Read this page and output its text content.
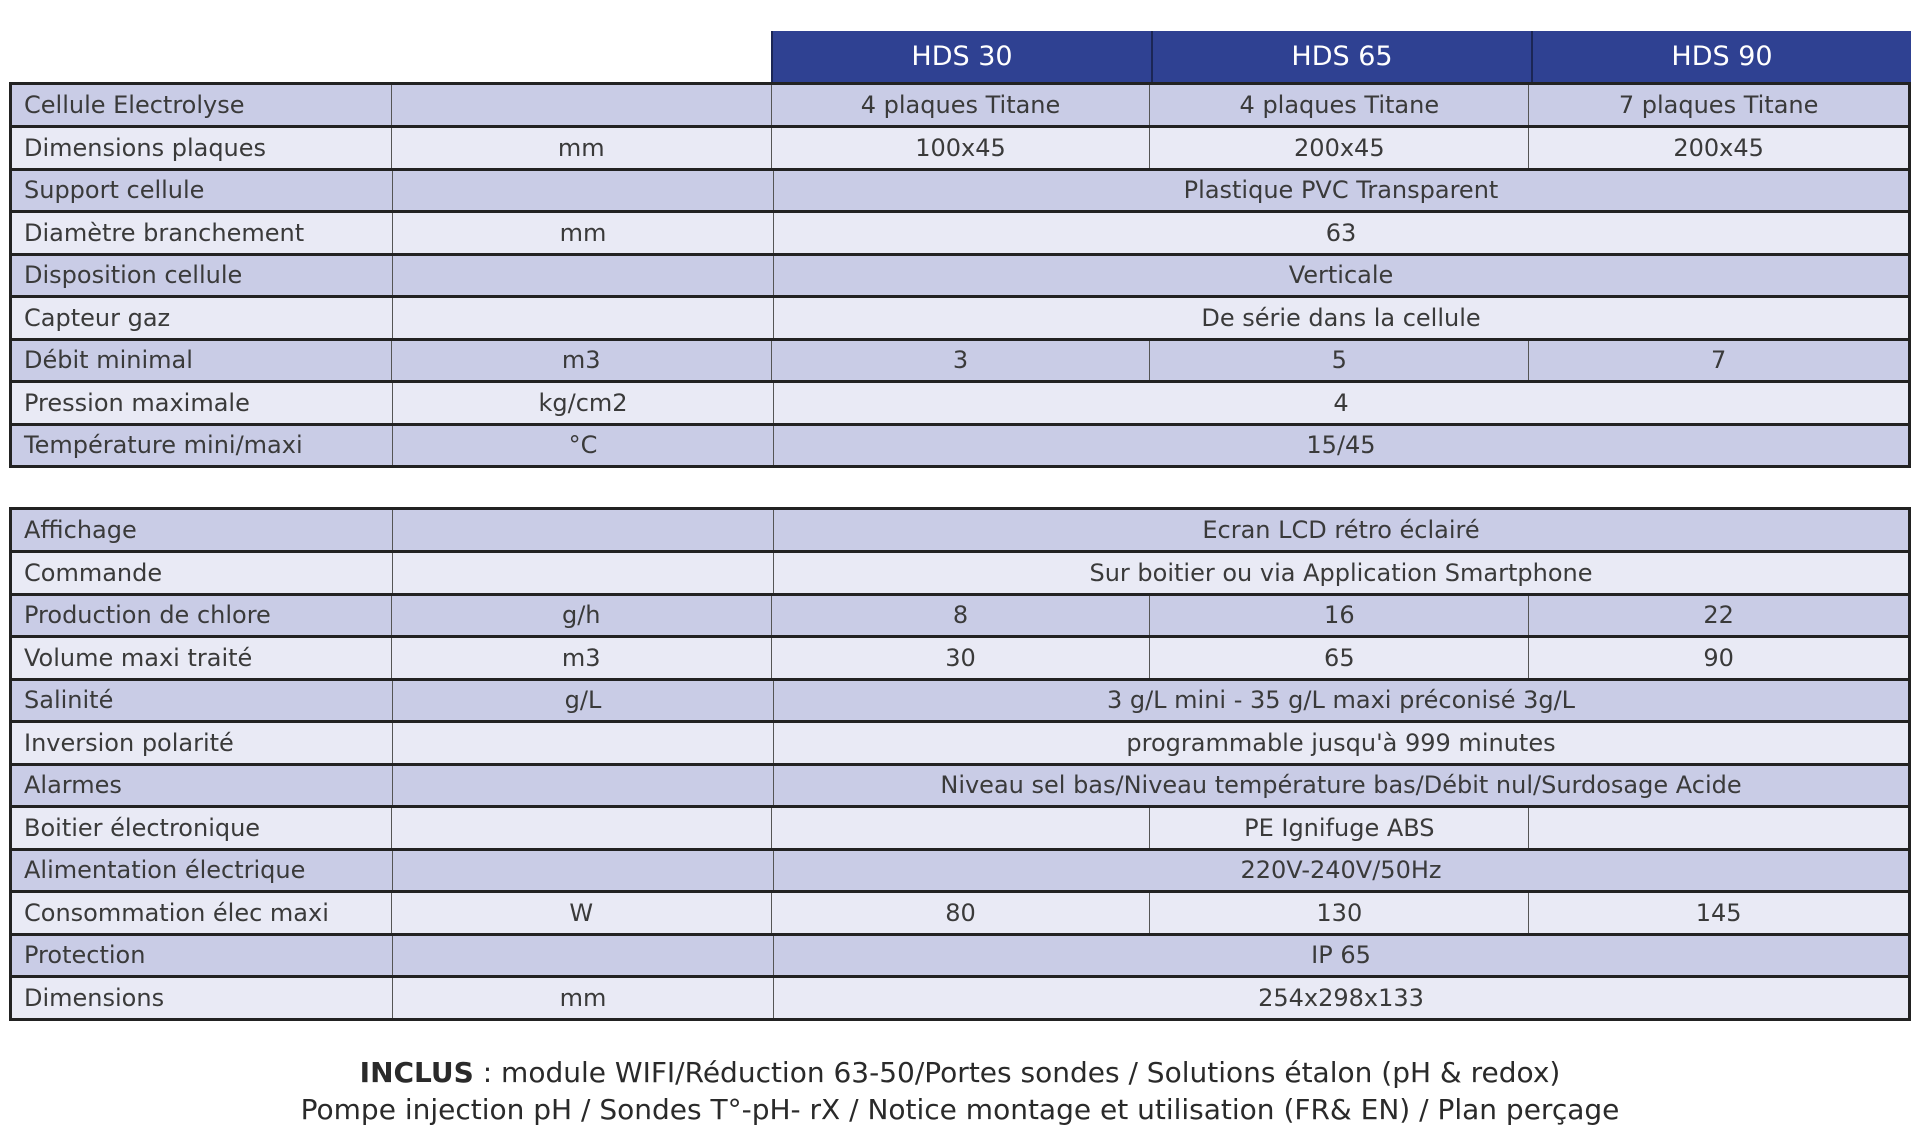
HDS 30	HDS 65	HDS 90
Cellule Electrolyse	4 plaques Titane	4 plaques Titane	7 plaques Titane
Dimensions plaques	mm	100x45	200x45	200x45
Support cellule	Plastique PVC Transparent
Diamètre branchement	mm	63
Disposition cellule	Verticale
Capteur gaz	De série dans la cellule
Débit minimal	m3	3	5	7
Pression maximale	kg/cm2	4
Température mini/maxi	°C	15/45
Affichage	Ecran LCD rétro éclairé
Commande	Sur boitier ou via Application Smartphone
Production de chlore	g/h	8	16	22
Volume maxi traité	m3	30	65	90
Salinité	g/L	3 g/L mini - 35 g/L maxi préconisé 3g/L
Inversion polarité	programmable jusqu'à 999 minutes
Alarmes	Niveau sel bas/Niveau température bas/Débit nul/Surdosage Acide
Boitier électronique	PE Ignifuge ABS
Alimentation électrique	220V-240V/50Hz
Consommation élec maxi	W	80	130	145
Protection	IP 65
Dimensions	mm	254x298x133
INCLUS : module WIFI/Réduction 63-50/Portes sondes / Solutions étalon (pH & redox)
Pompe injection pH / Sondes T°-pH- rX / Notice montage et utilisation (FR& EN) / Plan perçage
